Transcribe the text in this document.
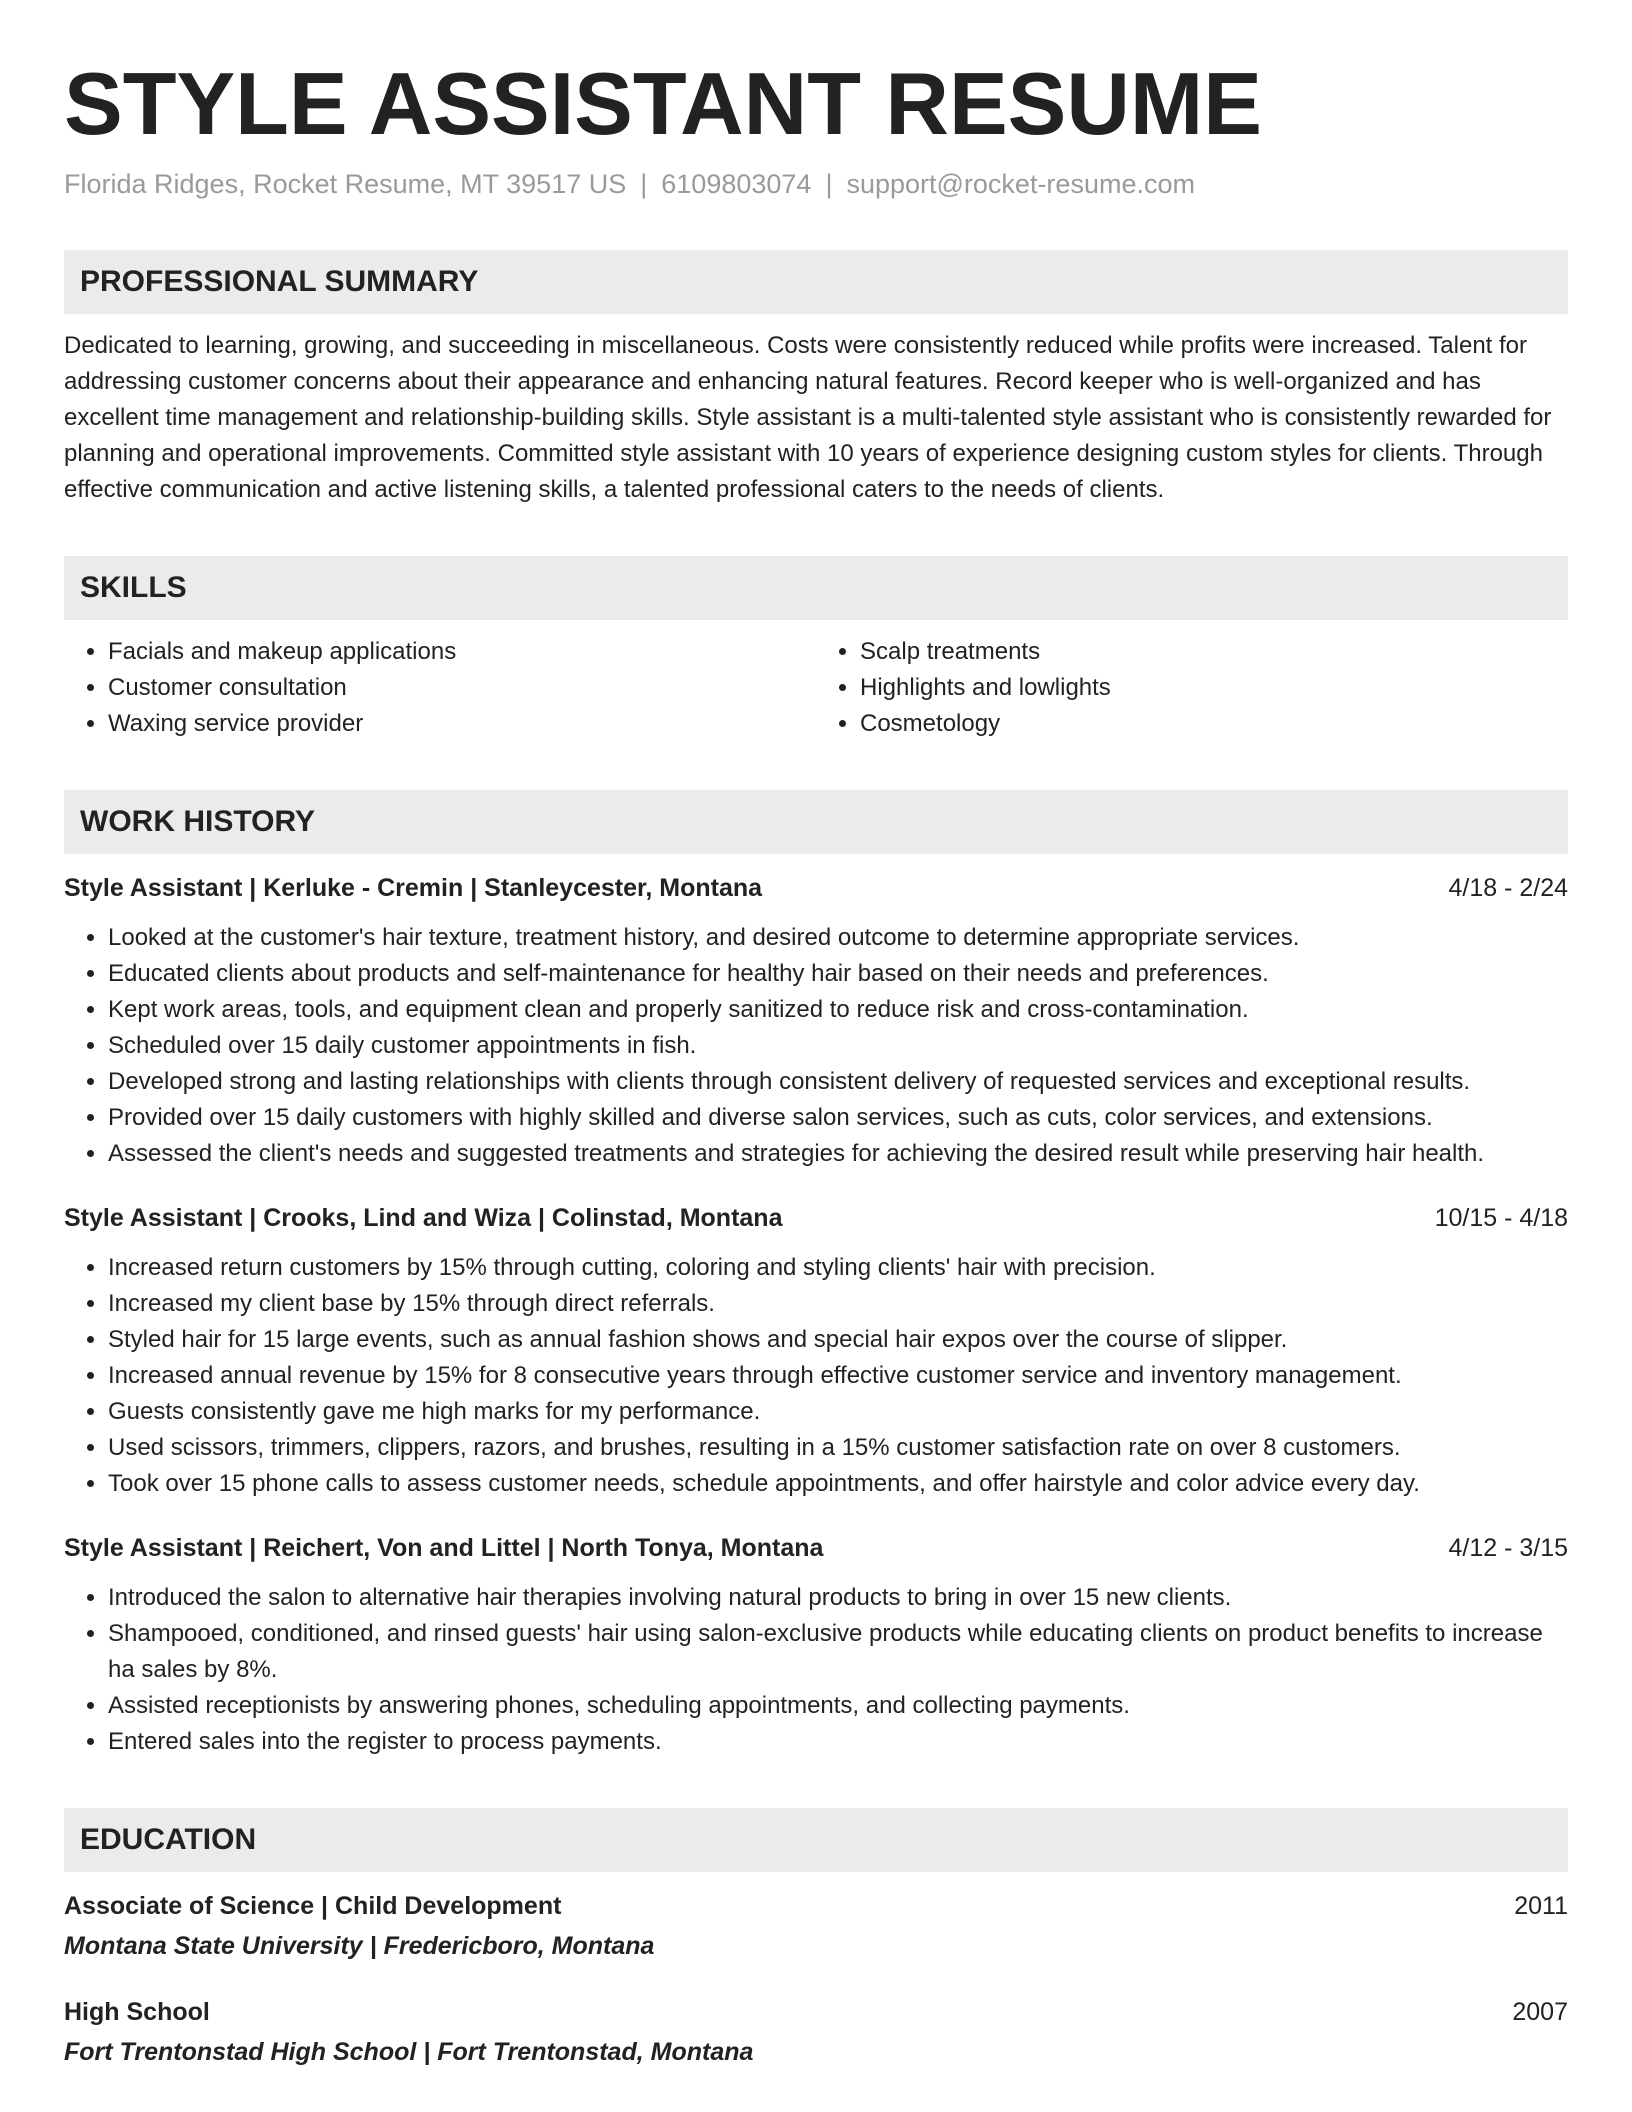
STYLE ASSISTANT RESUME
Florida Ridges, Rocket Resume, MT 39517 US | 6109803074 | support@rocket-resume.com
PROFESSIONAL SUMMARY
Dedicated to learning, growing, and succeeding in miscellaneous. Costs were consistently reduced while profits were increased. Talent for addressing customer concerns about their appearance and enhancing natural features. Record keeper who is well-organized and has excellent time management and relationship-building skills. Style assistant is a multi-talented style assistant who is consistently rewarded for planning and operational improvements. Committed style assistant with 10 years of experience designing custom styles for clients. Through effective communication and active listening skills, a talented professional caters to the needs of clients.
SKILLS
• Facials and makeup applications
• Customer consultation
• Waxing service provider
• Scalp treatments
• Highlights and lowlights
• Cosmetology
WORK HISTORY
Style Assistant | Kerluke - Cremin | Stanleycester, Montana	4/18 - 2/24
• Looked at the customer's hair texture, treatment history, and desired outcome to determine appropriate services.
• Educated clients about products and self-maintenance for healthy hair based on their needs and preferences.
• Kept work areas, tools, and equipment clean and properly sanitized to reduce risk and cross-contamination.
• Scheduled over 15 daily customer appointments in fish.
• Developed strong and lasting relationships with clients through consistent delivery of requested services and exceptional results.
• Provided over 15 daily customers with highly skilled and diverse salon services, such as cuts, color services, and extensions.
• Assessed the client's needs and suggested treatments and strategies for achieving the desired result while preserving hair health.
Style Assistant | Crooks, Lind and Wiza | Colinstad, Montana	10/15 - 4/18
• Increased return customers by 15% through cutting, coloring and styling clients' hair with precision.
• Increased my client base by 15% through direct referrals.
• Styled hair for 15 large events, such as annual fashion shows and special hair expos over the course of slipper.
• Increased annual revenue by 15% for 8 consecutive years through effective customer service and inventory management.
• Guests consistently gave me high marks for my performance.
• Used scissors, trimmers, clippers, razors, and brushes, resulting in a 15% customer satisfaction rate on over 8 customers.
• Took over 15 phone calls to assess customer needs, schedule appointments, and offer hairstyle and color advice every day.
Style Assistant | Reichert, Von and Littel | North Tonya, Montana	4/12 - 3/15
• Introduced the salon to alternative hair therapies involving natural products to bring in over 15 new clients.
• Shampooed, conditioned, and rinsed guests' hair using salon-exclusive products while educating clients on product benefits to increase ha sales by 8%.
• Assisted receptionists by answering phones, scheduling appointments, and collecting payments.
• Entered sales into the register to process payments.
EDUCATION
Associate of Science | Child Development	2011
Montana State University | Fredericboro, Montana
High School	2007
Fort Trentonstad High School | Fort Trentonstad, Montana
